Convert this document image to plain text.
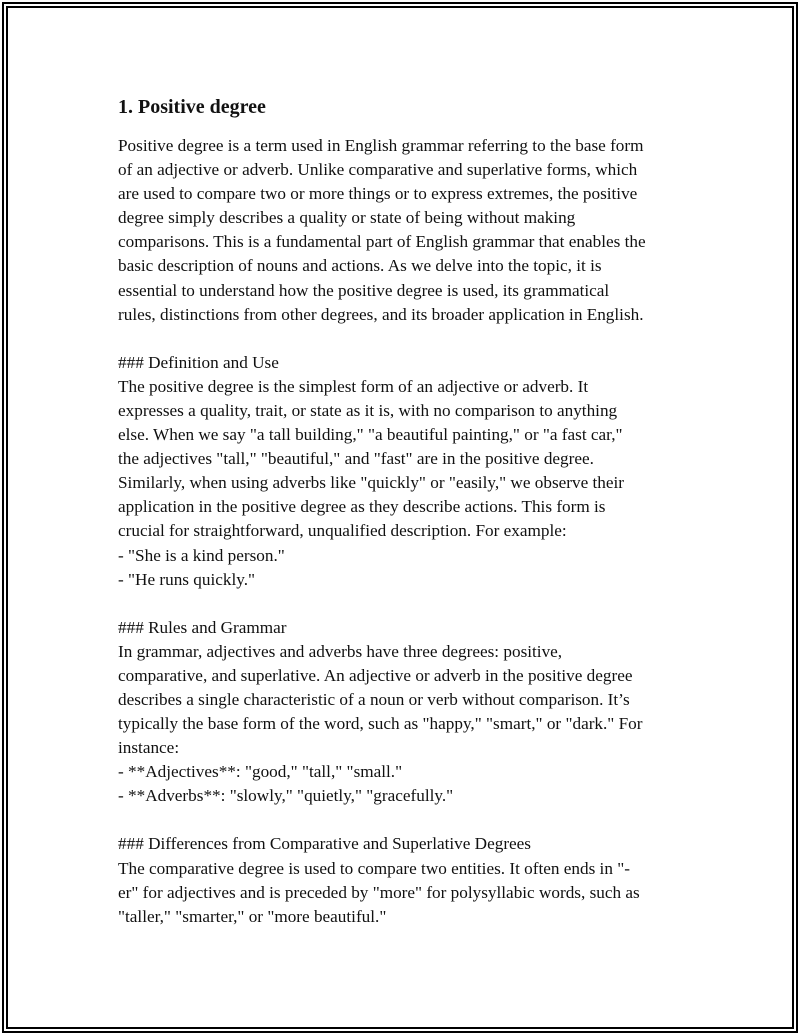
1. Positive degree
Positive degree is a term used in English grammar referring to the base form
of an adjective or adverb. Unlike comparative and superlative forms, which
are used to compare two or more things or to express extremes, the positive
degree simply describes a quality or state of being without making
comparisons. This is a fundamental part of English grammar that enables the
basic description of nouns and actions. As we delve into the topic, it is
essential to understand how the positive degree is used, its grammatical
rules, distinctions from other degrees, and its broader application in English.
### Definition and Use
The positive degree is the simplest form of an adjective or adverb. It
expresses a quality, trait, or state as it is, with no comparison to anything
else. When we say "a tall building," "a beautiful painting," or "a fast car,"
the adjectives "tall," "beautiful," and "fast" are in the positive degree.
Similarly, when using adverbs like "quickly" or "easily," we observe their
application in the positive degree as they describe actions. This form is
crucial for straightforward, unqualified description. For example:
- "She is a kind person."
- "He runs quickly."
### Rules and Grammar
In grammar, adjectives and adverbs have three degrees: positive,
comparative, and superlative. An adjective or adverb in the positive degree
describes a single characteristic of a noun or verb without comparison. It’s
typically the base form of the word, such as "happy," "smart," or "dark." For
instance:
- **Adjectives**: "good," "tall," "small."
- **Adverbs**: "slowly," "quietly," "gracefully."
### Differences from Comparative and Superlative Degrees
The comparative degree is used to compare two entities. It often ends in "-
er" for adjectives and is preceded by "more" for polysyllabic words, such as
"taller," "smarter," or "more beautiful."
